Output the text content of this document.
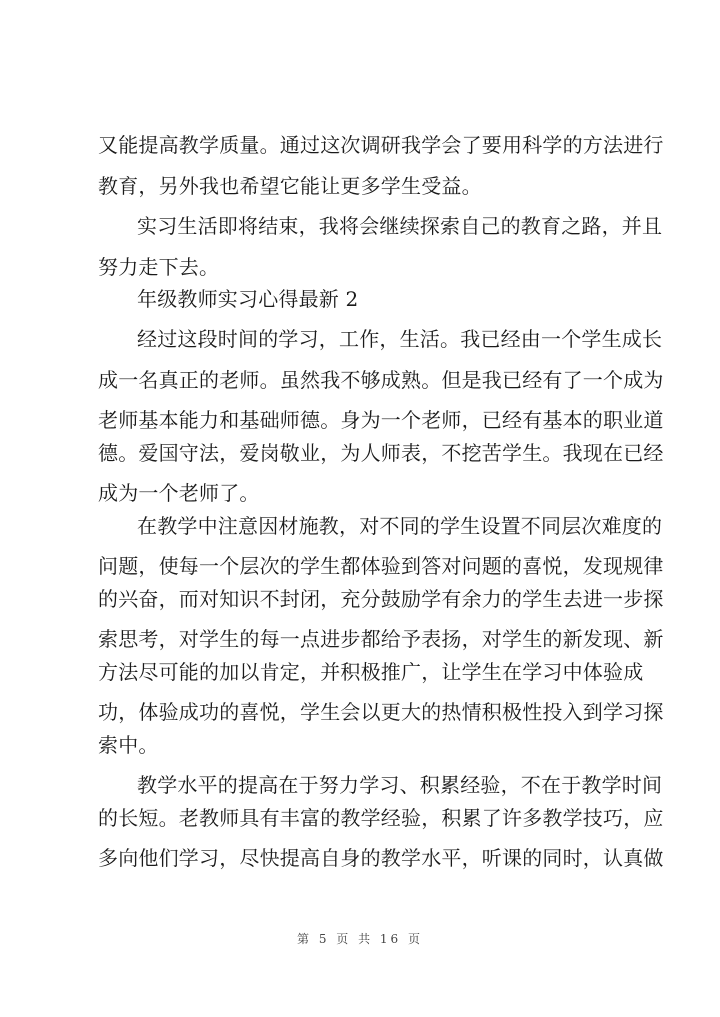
又能提高教学质量。通过这次调研我学会了要用科学的方法进行
教育，另外我也希望它能让更多学生受益。
实习生活即将结束，我将会继续探索自己的教育之路，并且
努力走下去。
年级教师实习心得最新 2
经过这段时间的学习，工作，生活。我已经由一个学生成长
成一名真正的老师。虽然我不够成熟。但是我已经有了一个成为
老师基本能力和基础师德。身为一个老师，已经有基本的职业道
德。爱国守法，爱岗敬业，为人师表，不挖苦学生。我现在已经
成为一个老师了。
在教学中注意因材施教，对不同的学生设置不同层次难度的
问题，使每一个层次的学生都体验到答对问题的喜悦，发现规律
的兴奋，而对知识不封闭，充分鼓励学有余力的学生去进一步探
索思考，对学生的每一点进步都给予表扬，对学生的新发现、新
方法尽可能的加以肯定，并积极推广，让学生在学习中体验成
功，体验成功的喜悦，学生会以更大的热情积极性投入到学习探
索中。
教学水平的提高在于努力学习、积累经验，不在于教学时间
的长短。老教师具有丰富的教学经验，积累了许多教学技巧，应
多向他们学习，尽快提高自身的教学水平，听课的同时，认真做
第 5 页 共 16 页
